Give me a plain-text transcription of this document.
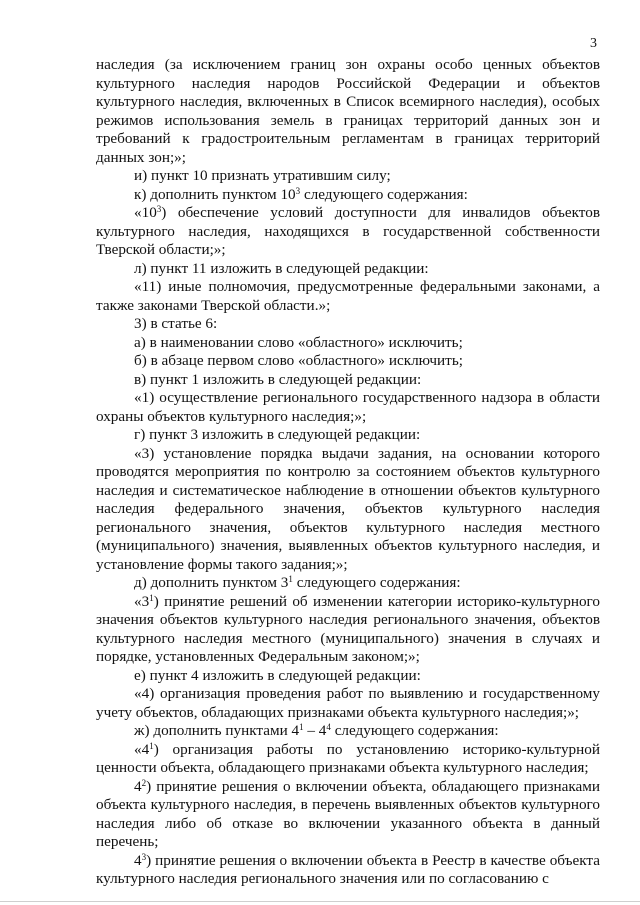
3

наследия (за исключением границ зон охраны особо ценных объектов культурного наследия народов Российской Федерации и объектов культурного наследия, включенных в Список всемирного наследия), особых режимов использования земель в границах территорий данных зон и требований к градостроительным регламентам в границах территорий данных зон;»;

и) пункт 10 признать утратившим силу;

к) дополнить пунктом $10^3$ следующего содержания:

«$10^3$) обеспечение условий доступности для инвалидов объектов культурного наследия, находящихся в государственной собственности Тверской области;»;

л) пункт 11 изложить в следующей редакции:

«11) иные полномочия, предусмотренные федеральными законами, а также законами Тверской области.»;

3) в статье 6:

а) в наименовании слово «областного» исключить;

б) в абзаце первом слово «областного» исключить;

в) пункт 1 изложить в следующей редакции:

«1) осуществление регионального государственного надзора в области охраны объектов культурного наследия;»;

г) пункт 3 изложить в следующей редакции:

«3) установление порядка выдачи задания, на основании которого проводятся мероприятия по контролю за состоянием объектов культурного наследия и систематическое наблюдение в отношении объектов культурного наследия федерального значения, объектов культурного наследия регионального значения, объектов культурного наследия местного (муниципального) значения, выявленных объектов культурного наследия, и установление формы такого задания;»;

д) дополнить пунктом $3^1$ следующего содержания:

«$3^1$) принятие решений об изменении категории историко-культурного значения объектов культурного наследия регионального значения, объектов культурного наследия местного (муниципального) значения в случаях и порядке, установленных Федеральным законом;»;

е) пункт 4 изложить в следующей редакции:

«4) организация проведения работ по выявлению и государственному учету объектов, обладающих признаками объекта культурного наследия;»;

ж) дополнить пунктами $4^1 - 4^4$ следующего содержания:

«$4^1$) организация работы по установлению историко-культурной ценности объекта, обладающего признаками объекта культурного наследия;

$4^2$) принятие решения о включении объекта, обладающего признаками объекта культурного наследия, в перечень выявленных объектов культурного наследия либо об отказе во включении указанного объекта в данный перечень;

$4^3$) принятие решения о включении объекта в Реестр в качестве объекта культурного наследия регионального значения или по согласованию с
